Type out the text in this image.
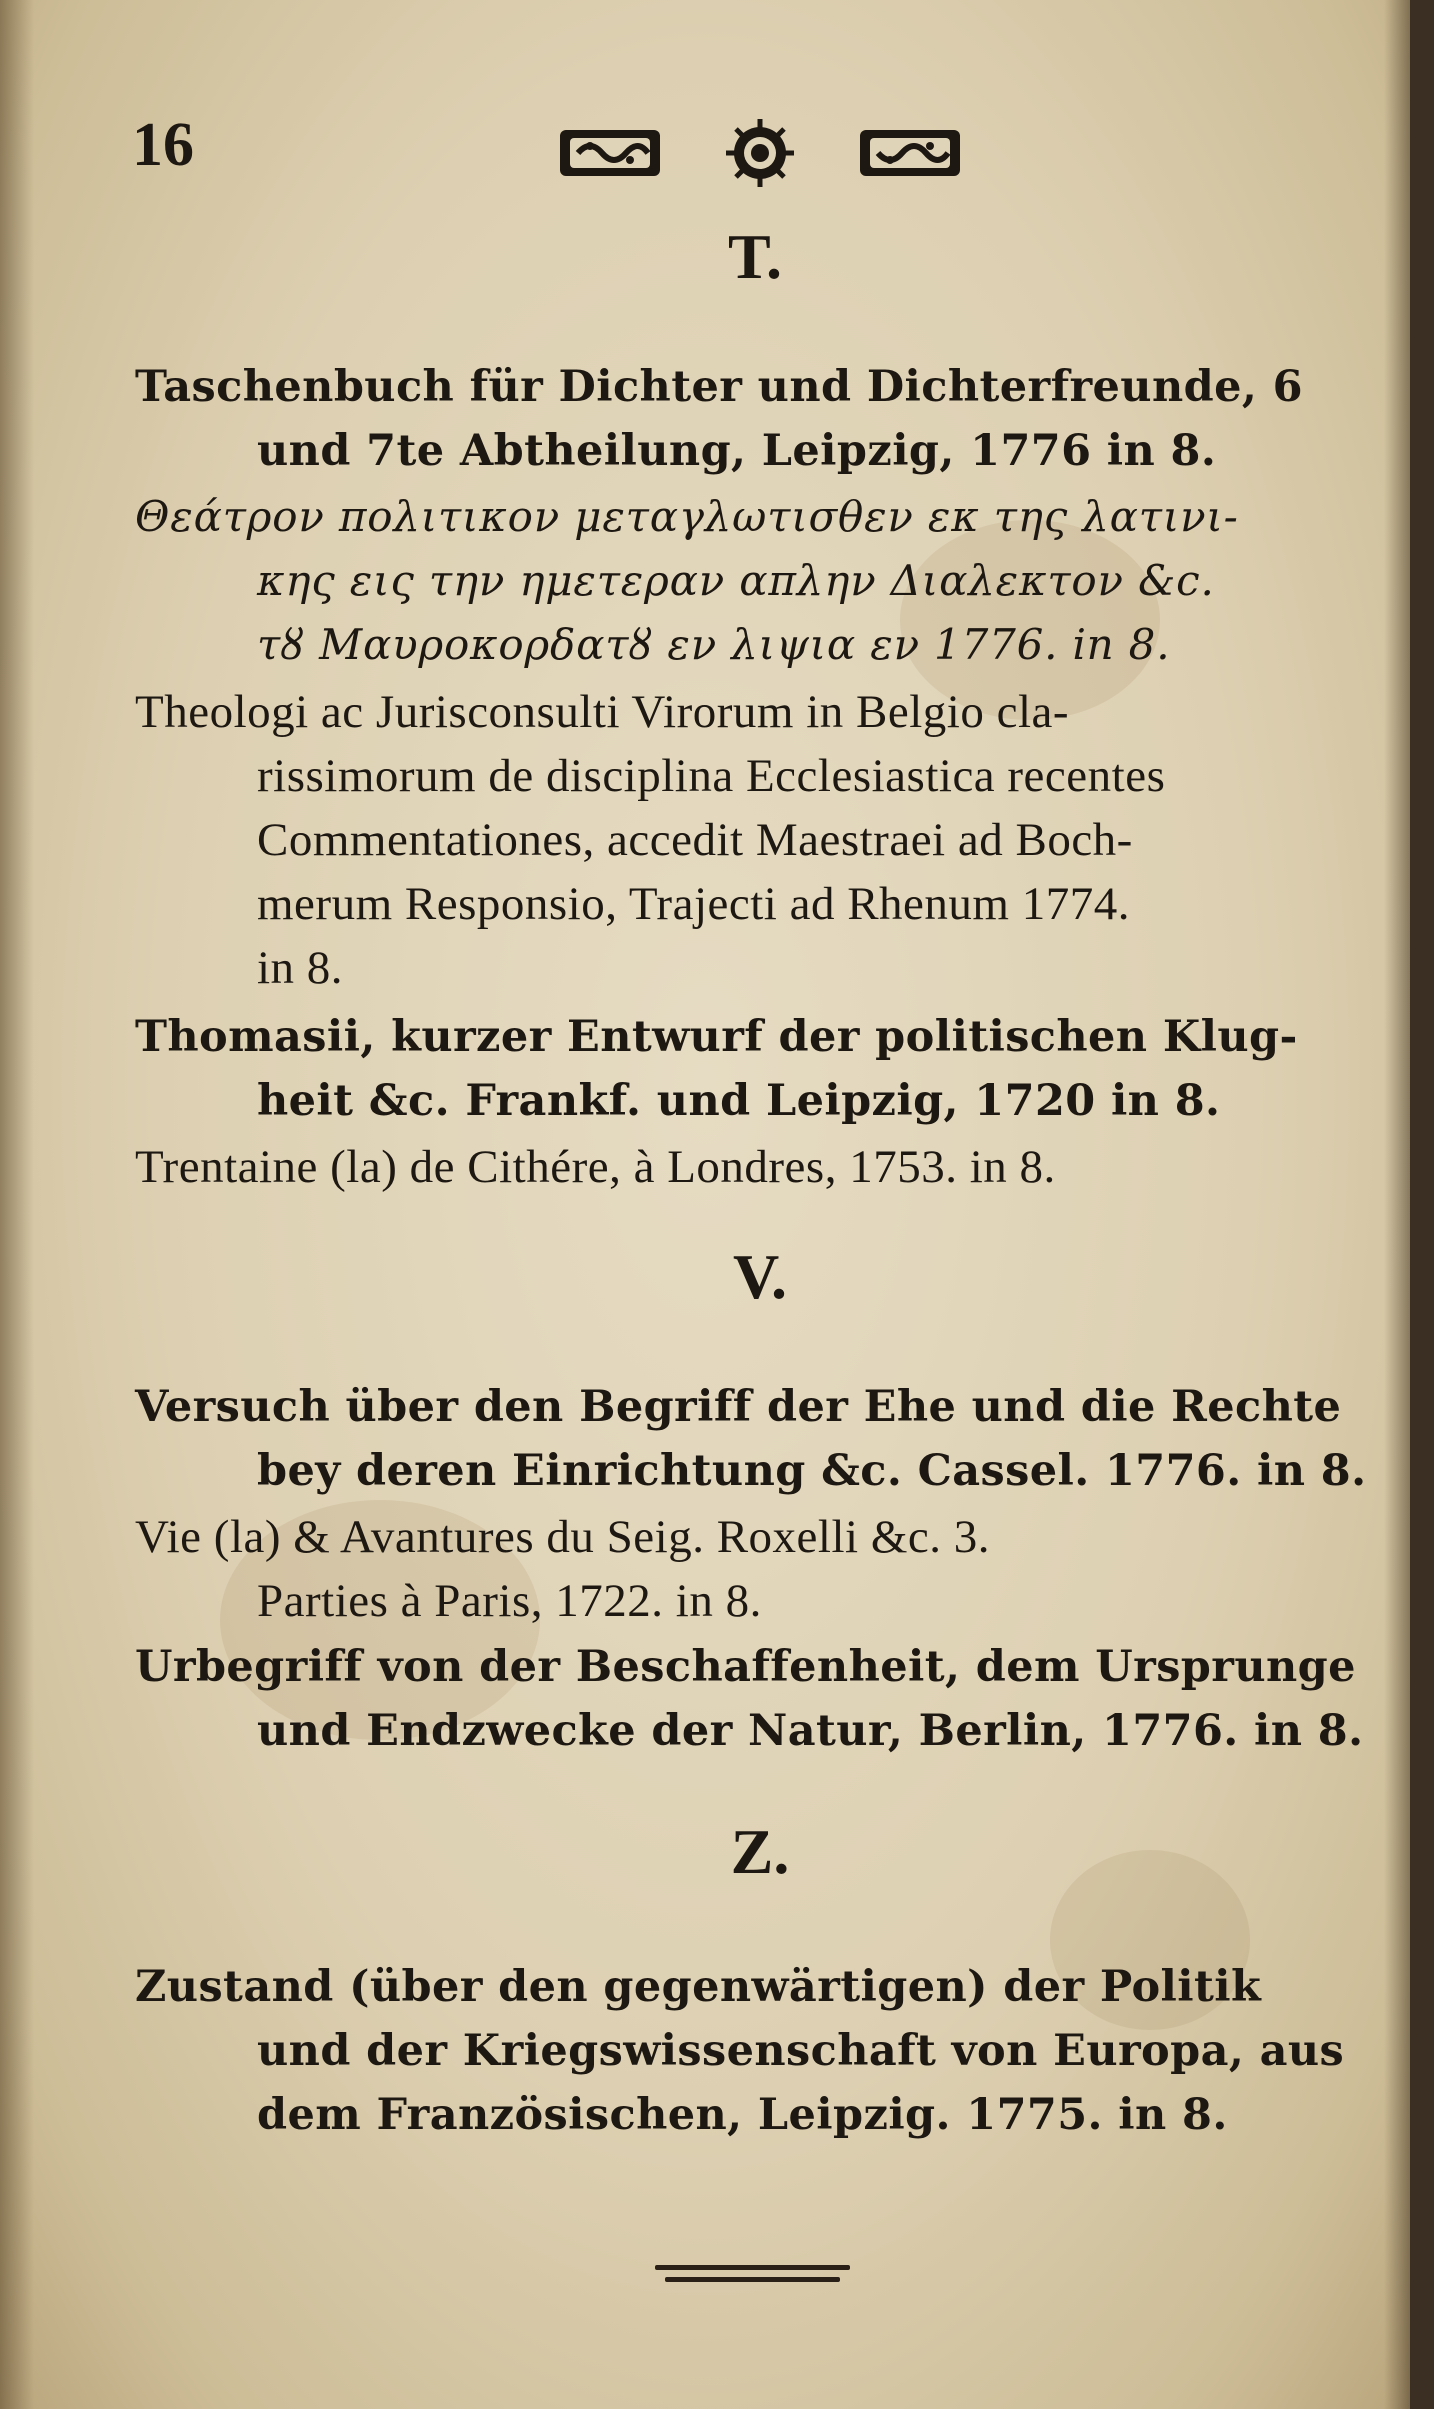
16
T.
Taschenbuch für Dichter und Dichterfreunde, 6
und 7te Abtheilung, Leipzig, 1776 in 8.
Θεάτρον πολιτικον μεταγλωτισθεν εκ της λατινι-
κης εις την ημετεραν απλην Διαλεκτον &c.
τȣ Μαυροκορδατȣ εν λιψια εν 1776. in 8.
Theologi ac Jurisconsulti Virorum in Belgio cla-
rissimorum de disciplina Ecclesiastica recentes
Commentationes, accedit Maestraei ad Boch-
merum Responsio, Trajecti ad Rhenum 1774.
in 8.
Thomasii, kurzer Entwurf der politischen Klug-
heit &c. Frankf. und Leipzig, 1720 in 8.
Trentaine (la) de Cithére, à Londres, 1753. in 8.
V.
Versuch über den Begriff der Ehe und die Rechte
bey deren Einrichtung &c. Cassel. 1776. in 8.
Vie (la) & Avantures du Seig. Roxelli &c. 3.
Parties à Paris, 1722. in 8.
Urbegriff von der Beschaffenheit, dem Ursprunge
und Endzwecke der Natur, Berlin, 1776. in 8.
Z.
Zustand (über den gegenwärtigen) der Politik
und der Kriegswissenschaft von Europa, aus
dem Französischen, Leipzig. 1775. in 8.
